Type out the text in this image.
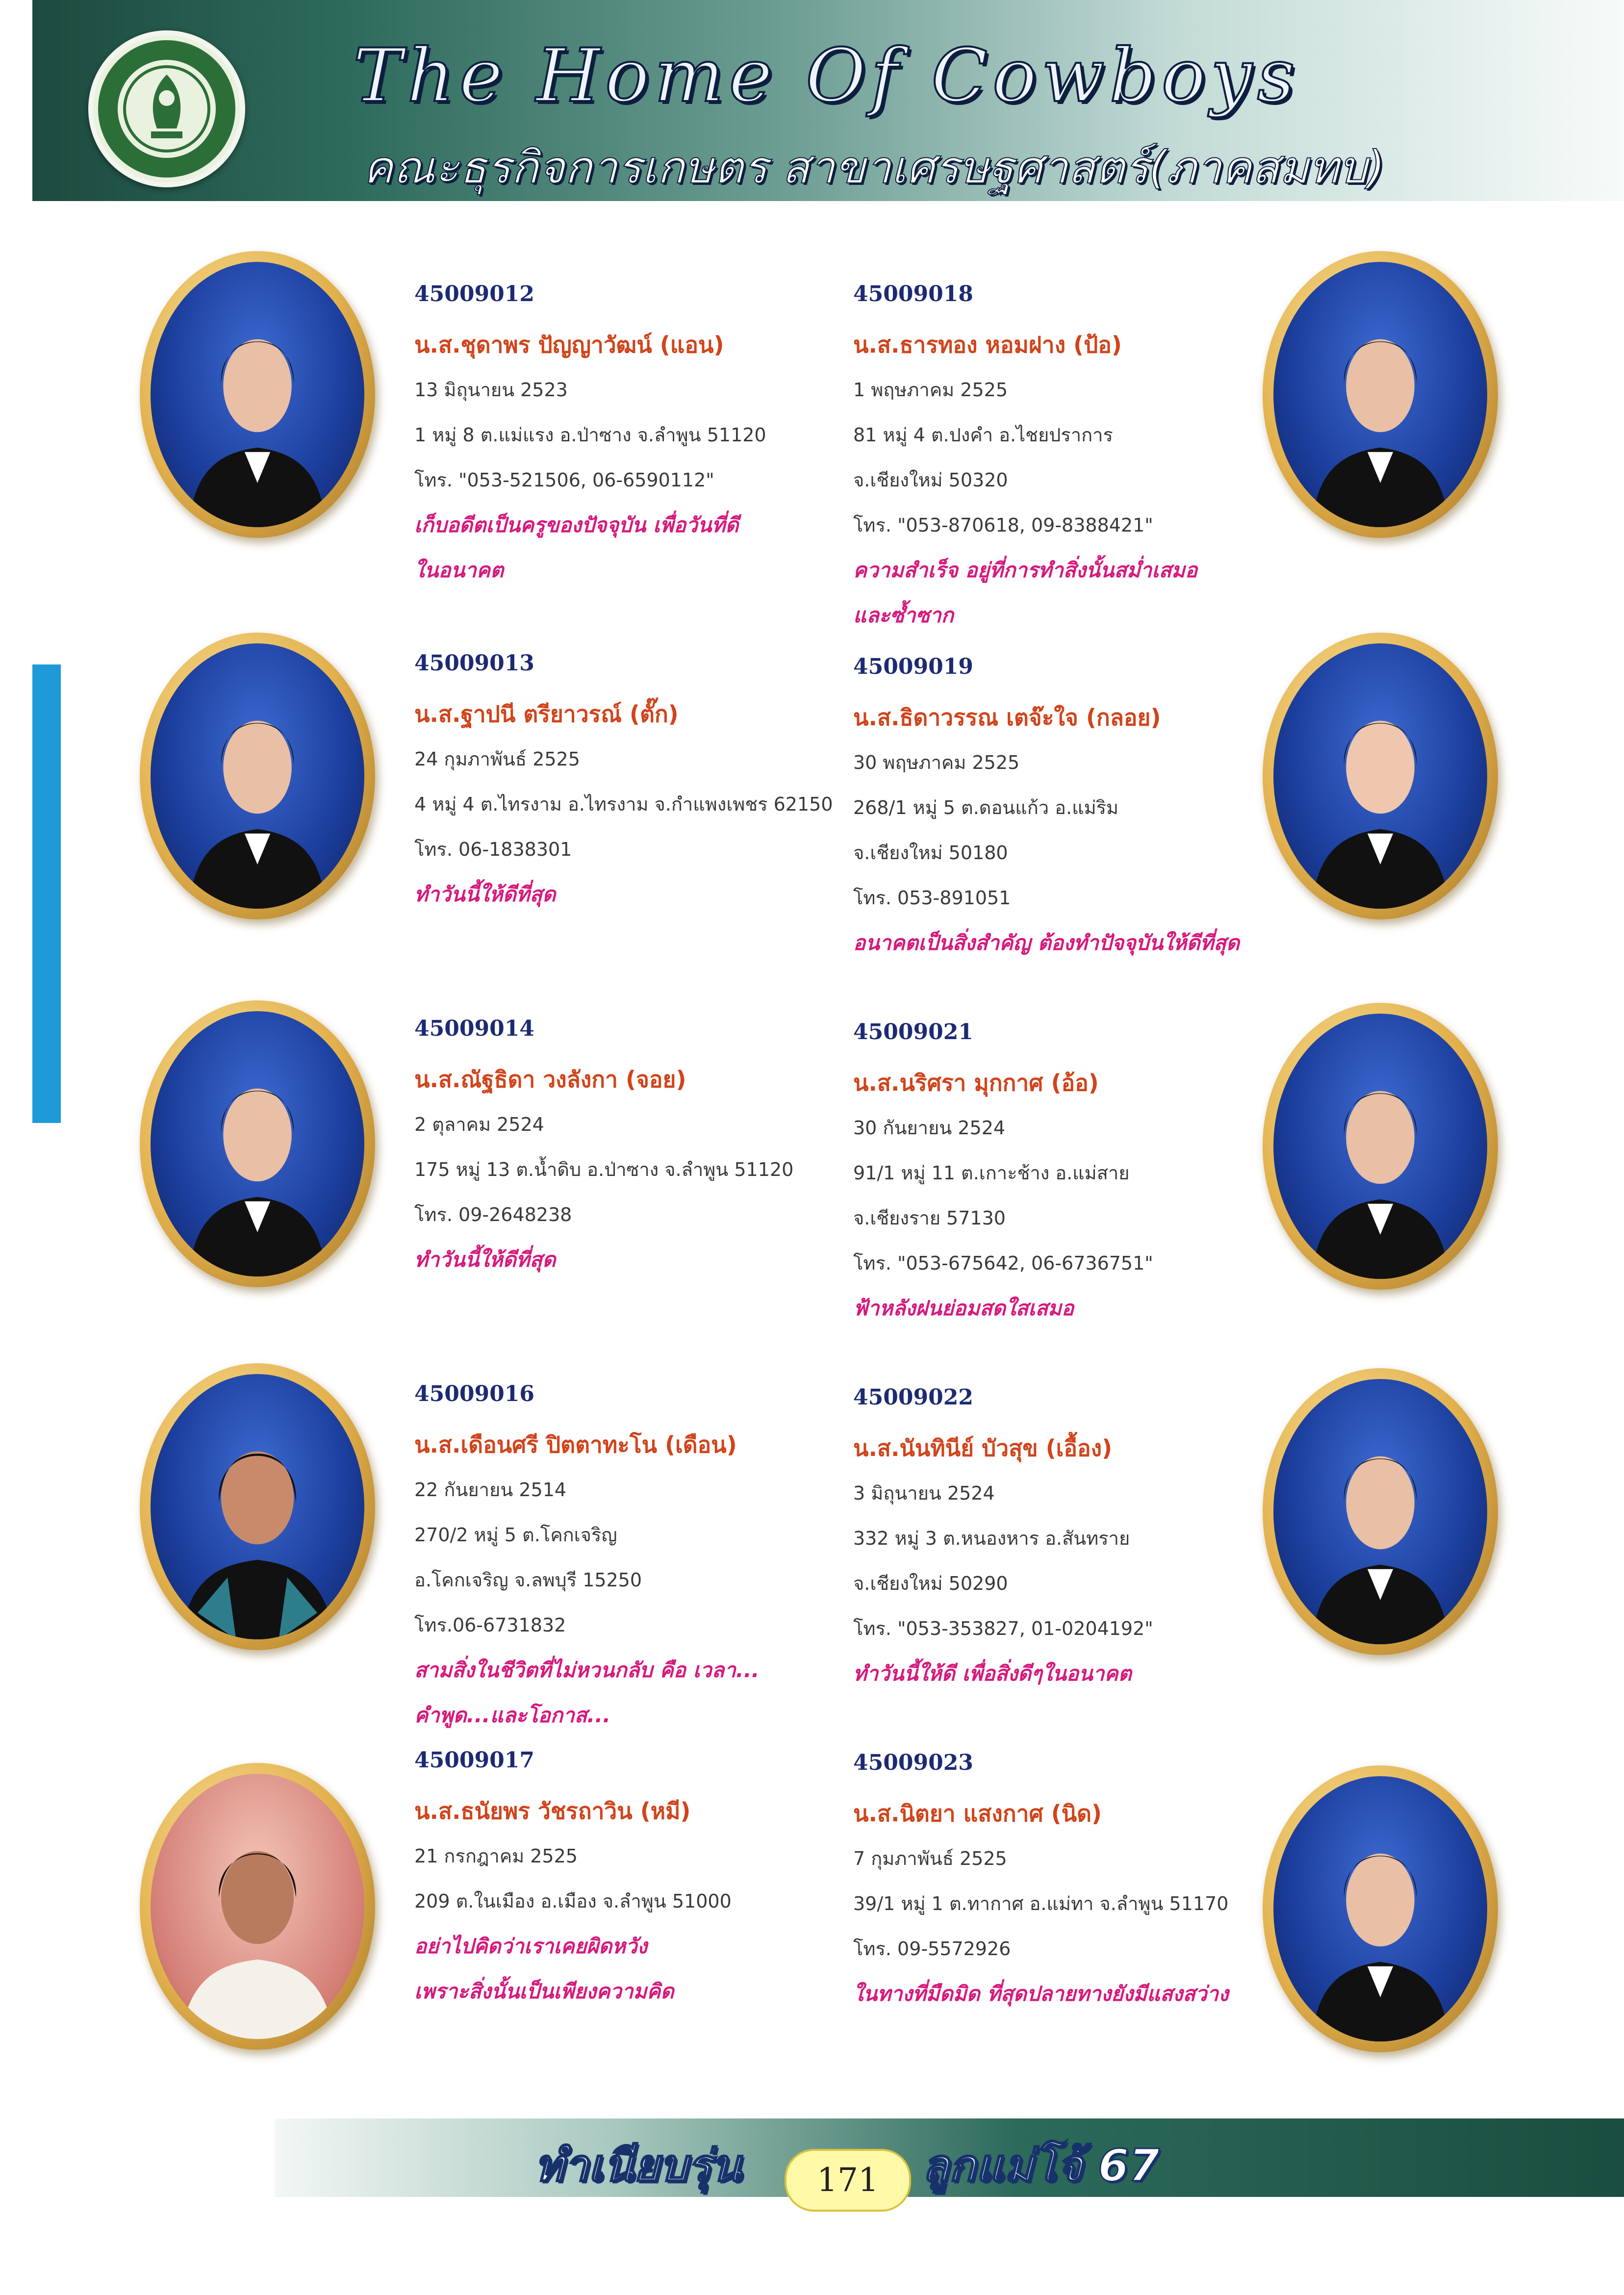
The Home Of Cowboys
คณะธุรกิจการเกษตร สาขาเศรษฐศาสตร์(ภาคสมทบ)
45009012
น.ส.ชุดาพร ปัญญาวัฒน์ (แอน)
13 มิถุนายน 2523
1 หมู่ 8 ต.แม่แรง อ.ป่าซาง จ.ลำพูน 51120
โทร. "053-521506, 06-6590112"
เก็บอดีตเป็นครูของปัจจุบัน เพื่อวันที่ดี
ในอนาคต
45009013
น.ส.ฐาปนี ตรียาวรณ์ (ตั๊ก)
24 กุมภาพันธ์ 2525
4 หมู่ 4 ต.ไทรงาม อ.ไทรงาม จ.กำแพงเพชร 62150
โทร. 06-1838301
ทำวันนี้ให้ดีที่สุด
45009014
น.ส.ณัฐธิดา วงลังกา (จอย)
2 ตุลาคม 2524
175 หมู่ 13 ต.น้ำดิบ อ.ป่าซาง จ.ลำพูน 51120
โทร. 09-2648238
ทำวันนี้ให้ดีที่สุด
45009016
น.ส.เดือนศรี ปิตตาทะโน (เดือน)
22 กันยายน 2514
270/2 หมู่ 5 ต.โคกเจริญ
อ.โคกเจริญ จ.ลพบุรี 15250
โทร.06-6731832
สามสิ่งในชีวิตที่ไม่หวนกลับ คือ เวลา...
คำพูด...และโอกาส...
45009017
น.ส.ธนัยพร วัชรถาวิน (หมี)
21 กรกฎาคม 2525
209 ต.ในเมือง อ.เมือง จ.ลำพูน 51000
อย่าไปคิดว่าเราเคยผิดหวัง
เพราะสิ่งนั้นเป็นเพียงความคิด
45009018
น.ส.ธารทอง หอมฝาง (ป้อ)
1 พฤษภาคม 2525
81 หมู่ 4 ต.ปงคำ อ.ไชยปราการ
จ.เชียงใหม่ 50320
โทร. "053-870618, 09-8388421"
ความสำเร็จ อยู่ที่การทำสิ่งนั้นสม่ำเสมอ
และซ้ำซาก
45009019
น.ส.ธิดาวรรณ เตจ๊ะใจ (กลอย)
30 พฤษภาคม 2525
268/1 หมู่ 5 ต.ดอนแก้ว อ.แม่ริม
จ.เชียงใหม่ 50180
โทร. 053-891051
อนาคตเป็นสิ่งสำคัญ ต้องทำปัจจุบันให้ดีที่สุด
45009021
น.ส.นริศรา มุกกาศ (อ้อ)
30 กันยายน 2524
91/1 หมู่ 11 ต.เกาะช้าง อ.แม่สาย
จ.เชียงราย 57130
โทร. "053-675642, 06-6736751"
ฟ้าหลังฝนย่อมสดใสเสมอ
45009022
น.ส.นันทินีย์ บัวสุข (เอื้อง)
3 มิถุนายน 2524
332 หมู่ 3 ต.หนองหาร อ.สันทราย
จ.เชียงใหม่ 50290
โทร. "053-353827, 01-0204192"
ทำวันนี้ให้ดี เพื่อสิ่งดีๆในอนาคต
45009023
น.ส.นิตยา แสงกาศ (นิด)
7 กุมภาพันธ์ 2525
39/1 หมู่ 1 ต.ทากาศ อ.แม่ทา จ.ลำพูน 51170
โทร. 09-5572926
ในทางที่มืดมิด ที่สุดปลายทางยังมีแสงสว่าง
ทำเนียบรุ่น	171 ลูกแม่โจ้ 67
